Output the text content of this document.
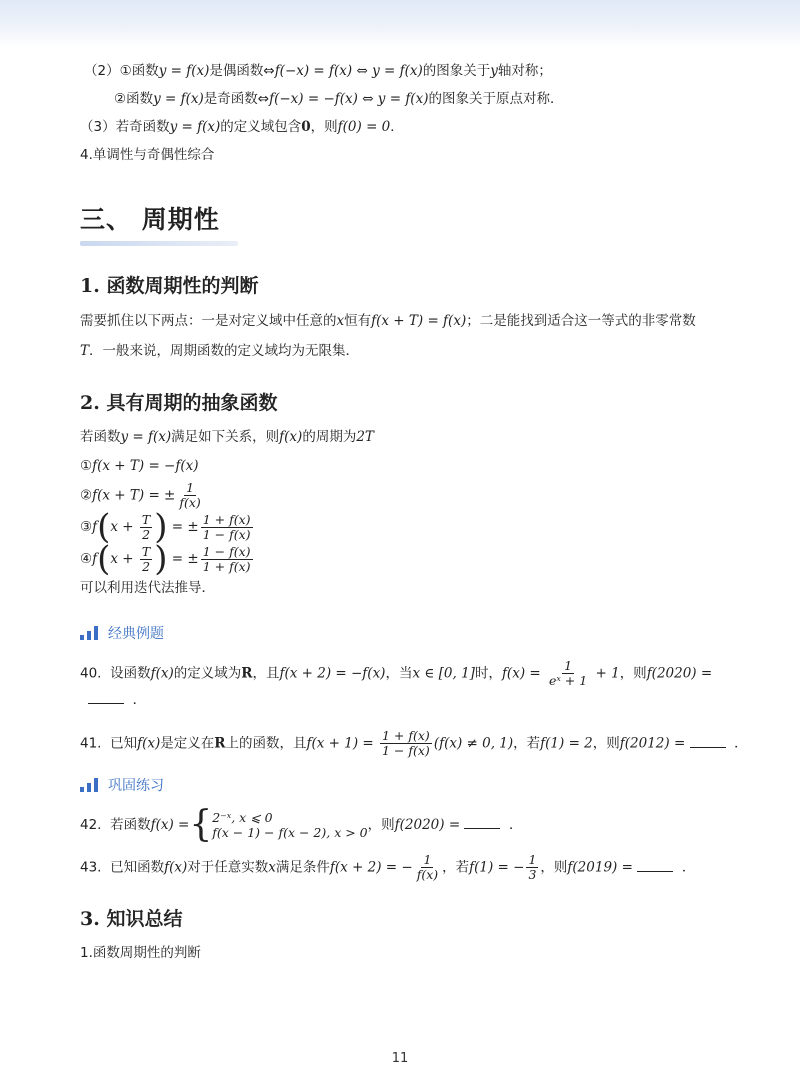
（2）①函数y = f(x)是偶函数⇔f(−x) = f(x) ⇔ y = f(x)的图象关于y轴对称；
②函数y = f(x)是奇函数⇔f(−x) = −f(x) ⇔ y = f(x)的图象关于原点对称．
（3）若奇函数y = f(x)的定义域包含0，则f(0) = 0．
4.单调性与奇偶性综合
三、 周期性
1. 函数周期性的判断
需要抓住以下两点：一是对定义域中任意的x恒有f(x + T) = f(x)；二是能找到适合这一等式的非零常数
T．一般来说，周期函数的定义域均为无限集．
2. 具有周期的抽象函数
若函数y = f(x)满足如下关系，则f(x)的周期为2T
①f(x + T) = −f(x)
②f(x + T) = ± $\frac{1}{f(x)}$
③f(x + $\frac{T}{2}$ ) = ± $\frac{1 + f(x)}{1 - f(x)}$
④f(x + $\frac{T}{2}$ ) = ± $\frac{1 - f(x)}{1 + f(x)}$
可以利用迭代法推导．
经典例题
40. 设函数f(x)的定义域为R，且f(x + 2) = −f(x)，当x ∈ [0, 1]时，$f(x) = \frac{1}{\text{eˣ + 1}} + 1$，则f(2020) =
．
41. 已知f(x)是定义在R上的函数，且$f(x + 1) = \frac{1 + f(x)}{1 - f(x)} (f(x) \ne 0$, 1)，若f(1) = 2，则f(2012) =	．
巩固练习
42. 若函数f(x) ={ 2⁻ˣ, x ⩽ 0
f(x − 1) − f(x − 2), x > 0 ，则f(2020) =	．
43. 已知函数f(x)对于任意实数x满足条件f(x + 2) = − $\frac{1}{f(x)}$ ，若f(1) = − $\frac{1}{3}$ ，则f(2019) =	．
3. 知识总结
1.函数周期性的判断
11
